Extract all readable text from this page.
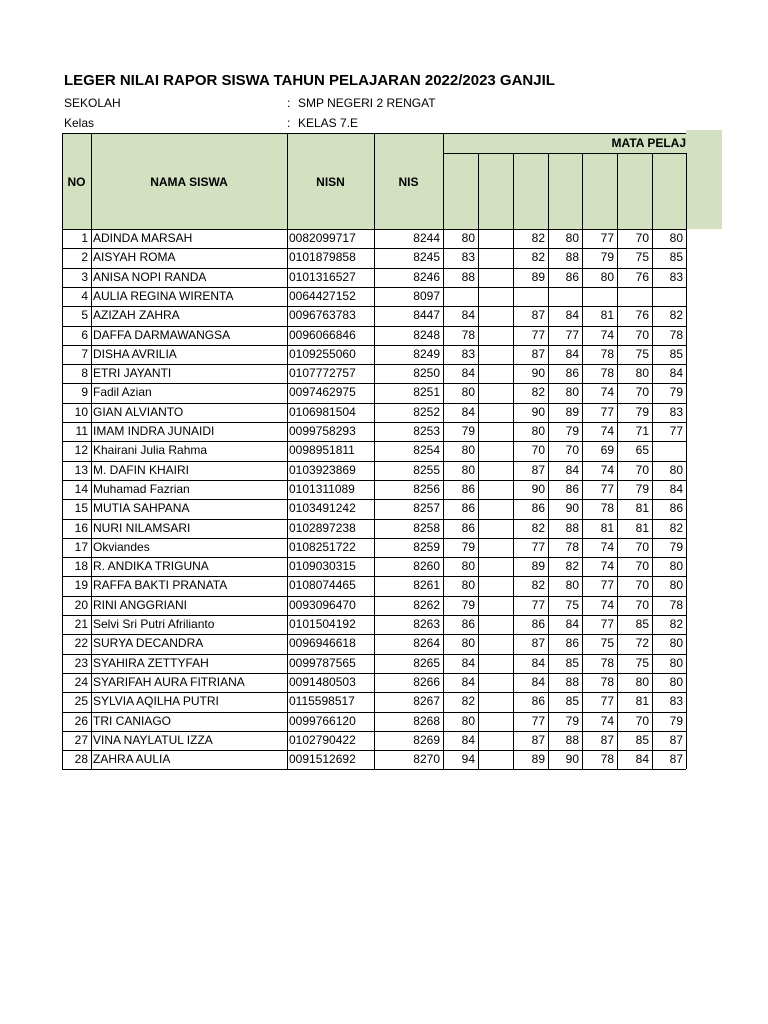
LEGER NILAI RAPOR SISWA TAHUN PELAJARAN 2022/2023 GANJIL
SEKOLAH	: SMP NEGERI 2 RENGAT
Kelas	: KELAS 7.E
NO	NAMA SISWA	NISN	NIS
MATA PELAJ
1 ADINDA MARSAH	0082099717	8244	80	82	80	77	70	80
2 AISYAH ROMA	0101879858	8245	83	82	88	79	75	85
3 ANISA NOPI RANDA	0101316527	8246	88	89	86	80	76	83
4 AULIA REGINA WIRENTA	0064427152	8097
5 AZIZAH ZAHRA	0096763783	8447	84	87	84	81	76	82
6 DAFFA DARMAWANGSA	0096066846	8248	78	77	77	74	70	78
7 DISHA AVRILIA	0109255060	8249	83	87	84	78	75	85
8 ETRI JAYANTI	0107772757	8250	84	90	86	78	80	84
9 Fadil Azian	0097462975	8251	80	82	80	74	70	79
10 GIAN ALVIANTO	0106981504	8252	84	90	89	77	79	83
11 IMAM INDRA JUNAIDI	0099758293	8253	79	80	79	74	71	77
12 Khairani Julia Rahma	0098951811	8254	80	70	70	69	65
13 M. DAFIN KHAIRI	0103923869	8255	80	87	84	74	70	80
14 Muhamad Fazrian	0101311089	8256	86	90	86	77	79	84
15 MUTIA SAHPANA	0103491242	8257	86	86	90	78	81	86
16 NURI NILAMSARI	0102897238	8258	86	82	88	81	81	82
17 Okviandes	0108251722	8259	79	77	78	74	70	79
18 R. ANDIKA TRIGUNA	0109030315	8260	80	89	82	74	70	80
19 RAFFA BAKTI PRANATA	0108074465	8261	80	82	80	77	70	80
20 RINI ANGGRIANI	0093096470	8262	79	77	75	74	70	78
21 Selvi Sri Putri Afrilianto	0101504192	8263	86	86	84	77	85	82
22 SURYA DECANDRA	0096946618	8264	80	87	86	75	72	80
23 SYAHIRA ZETTYFAH	0099787565	8265	84	84	85	78	75	80
24 SYARIFAH AURA FITRIANA	0091480503	8266	84	84	88	78	80	80
25 SYLVIA AQILHA PUTRI	0115598517	8267	82	86	85	77	81	83
26 TRI CANIAGO	0099766120	8268	80	77	79	74	70	79
27 VINA NAYLATUL IZZA	0102790422	8269	84	87	88	87	85	87
28 ZAHRA AULIA	0091512692	8270	94	89	90	78	84	87
